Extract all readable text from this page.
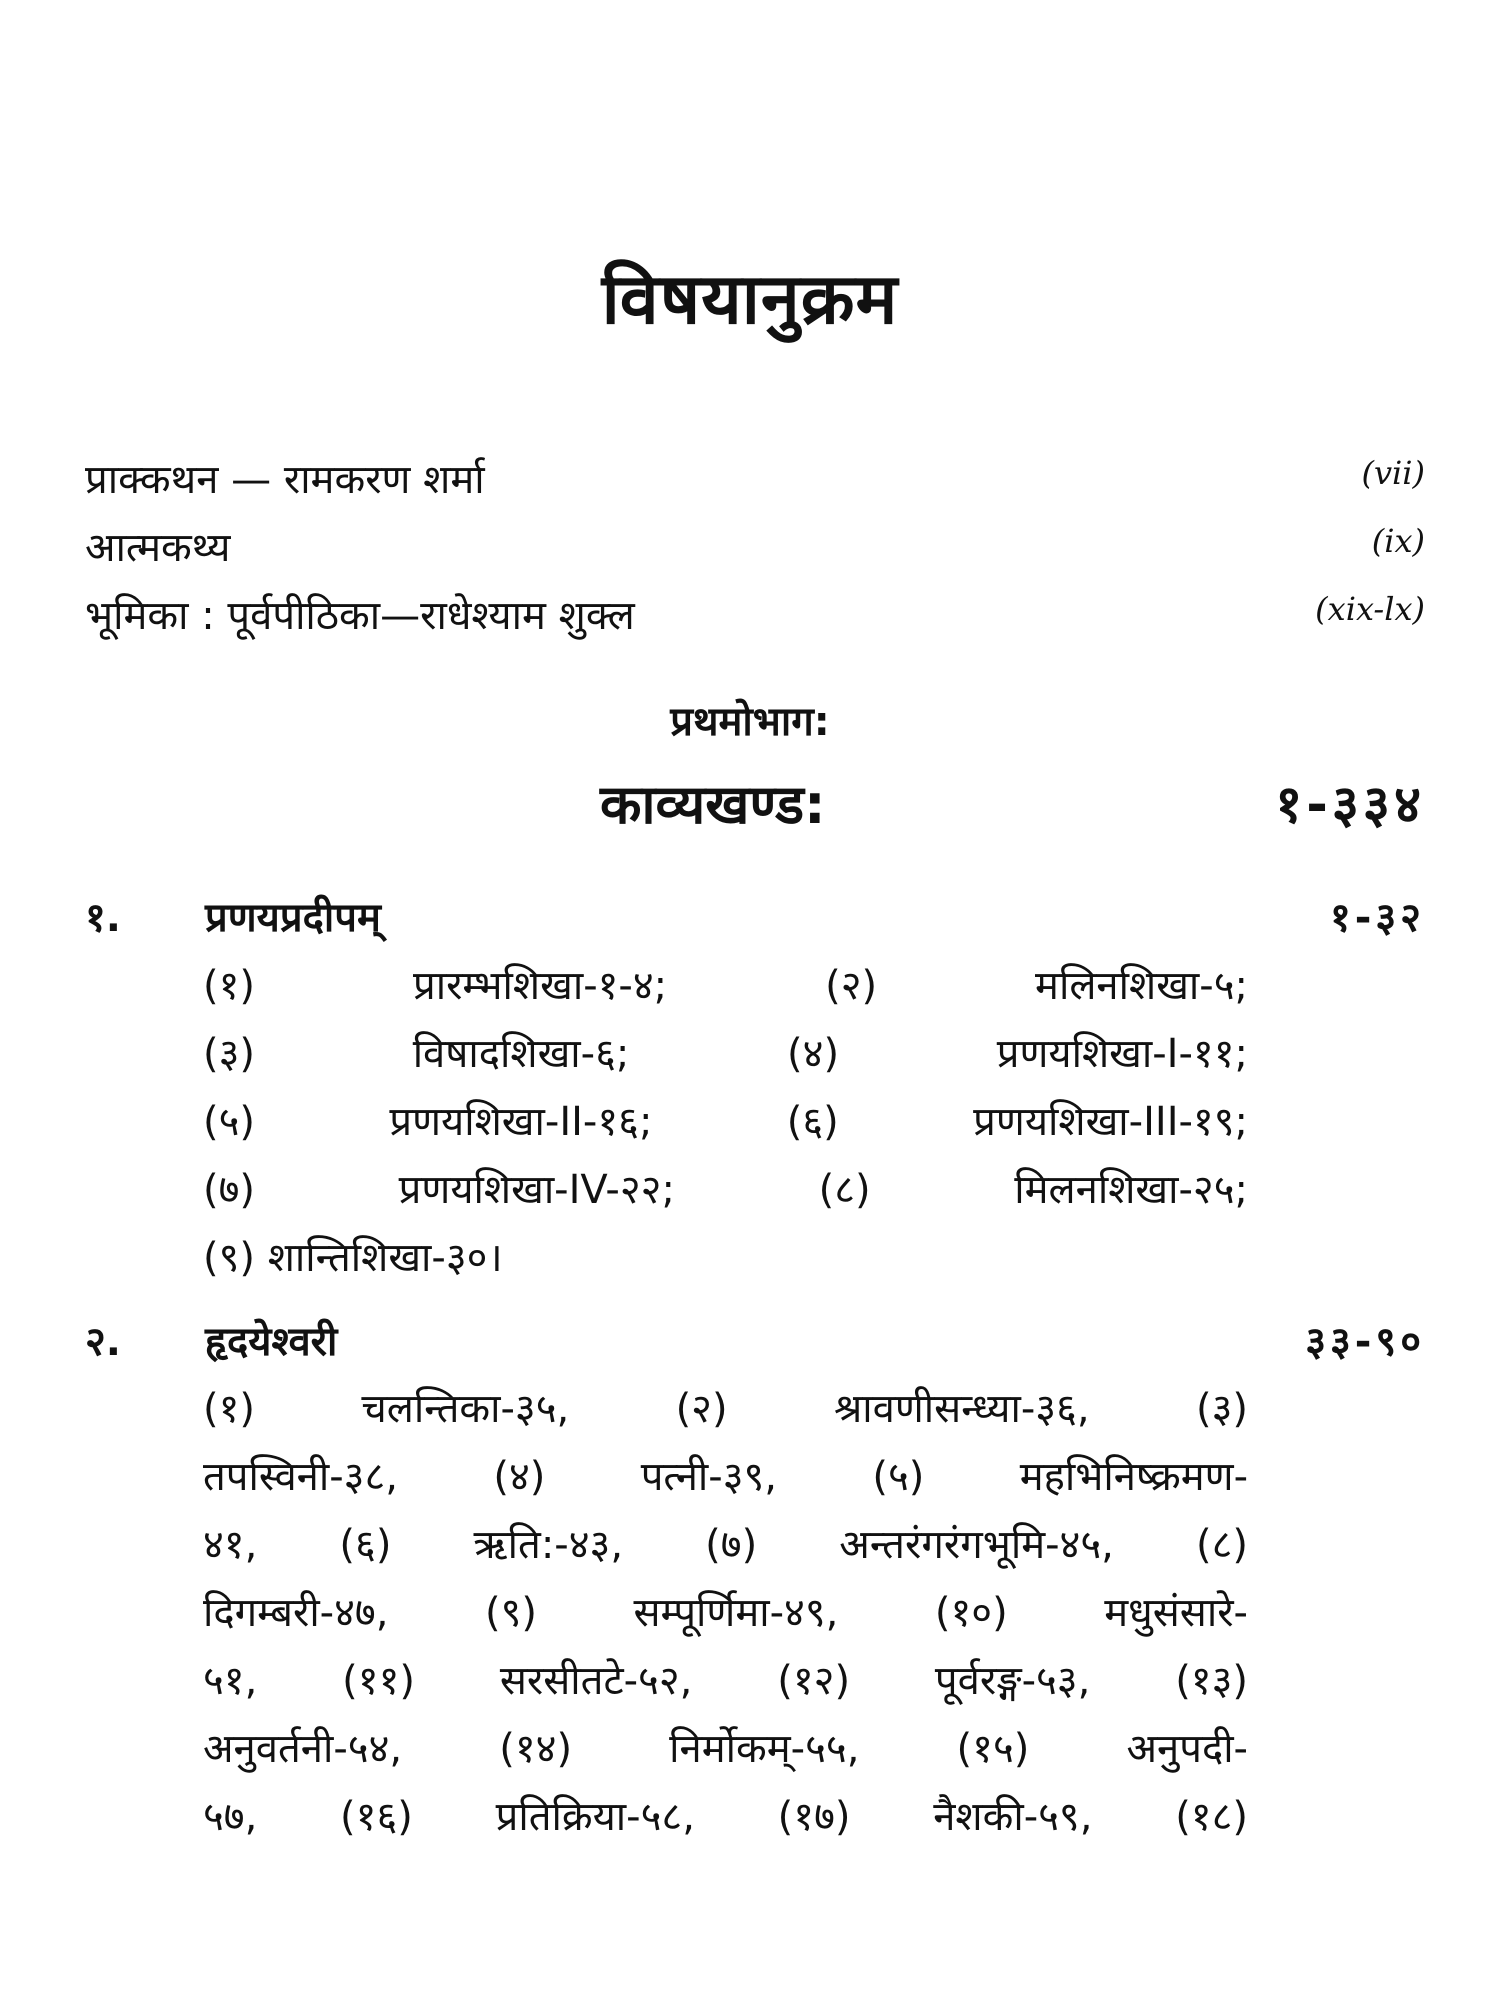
विषयानुक्रम
प्राक्कथन — रामकरण शर्मा	(vii)
आत्मकथ्य	(ix)
भूमिका : पूर्वपीठिका—राधेश्याम शुक्ल	(xix-lx)
प्रथमोभाग:
काव्यखण्ड:	१-३३४
१. प्रणयप्रदीपम्	१-३२
(१) प्रारम्भशिखा-१-४; (२) मलिनशिखा-५;
(३) विषादशिखा-६; (४) प्रणयशिखा-I-११;
(५) प्रणयशिखा-II-१६; (६) प्रणयशिखा-III-१९;
(७) प्रणयशिखा-IV-२२; (८) मिलनशिखा-२५;
(९) शान्तिशिखा-३०।
२. हृदयेश्वरी	३३-९०
(१) चलन्तिका-३५, (२) श्रावणीसन्ध्या-३६, (३)
तपस्विनी-३८, (४) पत्नी-३९, (५) महभिनिष्क्रमण-
४१, (६) ऋति:-४३, (७) अन्तरंगरंगभूमि-४५, (८)
दिगम्बरी-४७, (९) सम्पूर्णिमा-४९, (१०) मधुसंसारे-
५१, (११) सरसीतटे-५२, (१२) पूर्वरङ्ग-५३, (१३)
अनुवर्तनी-५४, (१४) निर्मोकम्-५५, (१५) अनुपदी-
५७, (१६) प्रतिक्रिया-५८, (१७) नैशकी-५९, (१८)
